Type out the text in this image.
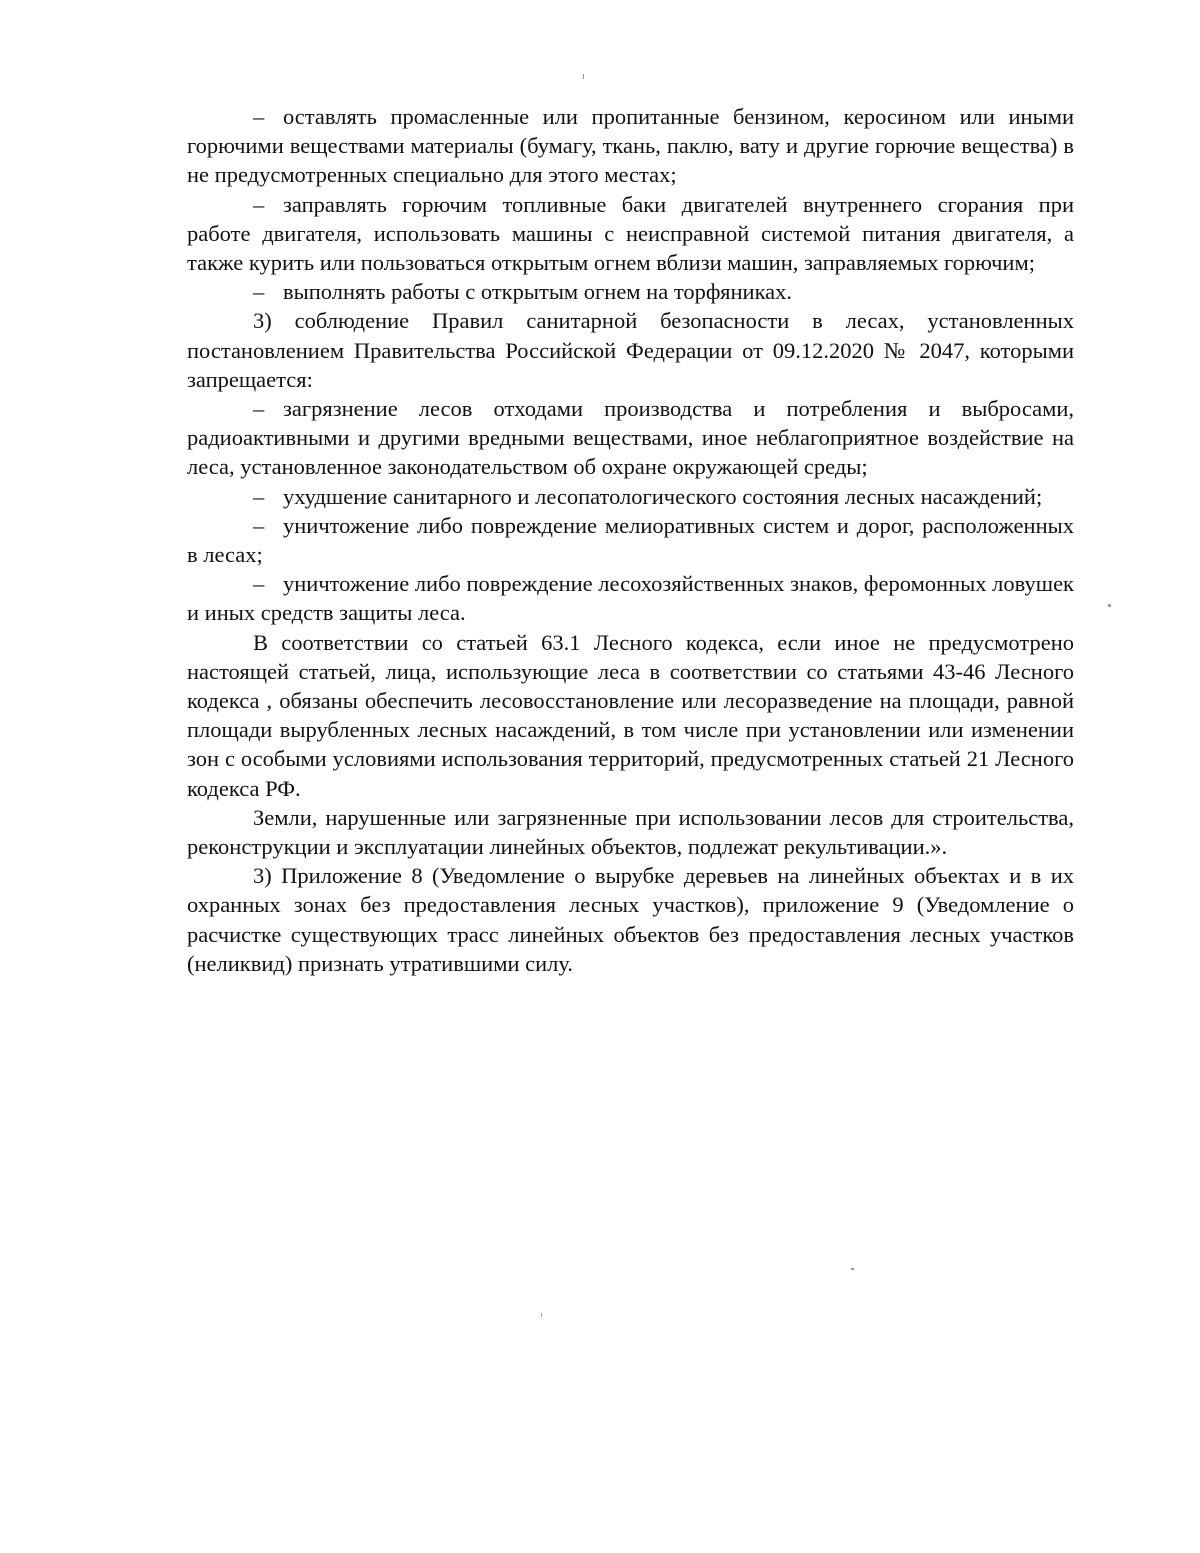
– оставлять промасленные или пропитанные бензином, керосином или иными горючими веществами материалы (бумагу, ткань, паклю, вату и другие горючие вещества) в не предусмотренных специально для этого местах;

– заправлять горючим топливные баки двигателей внутреннего сгорания при работе двигателя, использовать машины с неисправной системой питания двигателя, а также курить или пользоваться открытым огнем вблизи машин, заправляемых горючим;

– выполнять работы с открытым огнем на торфяниках.

3) соблюдение Правил санитарной безопасности в лесах, установленных постановлением Правительства Российской Федерации от 09.12.2020 № 2047, которыми запрещается:

– загрязнение лесов отходами производства и потребления и выбросами, радиоактивными и другими вредными веществами, иное неблагоприятное воздействие на леса, установленное законодательством об охране окружающей среды;

– ухудшение санитарного и лесопатологического состояния лесных насаждений;

– уничтожение либо повреждение мелиоративных систем и дорог, расположенных в лесах;

– уничтожение либо повреждение лесохозяйственных знаков, феромонных ловушек и иных средств защиты леса.

В соответствии со статьей 63.1 Лесного кодекса, если иное не предусмотрено настоящей статьей, лица, использующие леса в соответствии со статьями 43-46 Лесного кодекса , обязаны обеспечить лесовосстановление или лесоразведение на площади, равной площади вырубленных лесных насаждений, в том числе при установлении или изменении зон с особыми условиями использования территорий, предусмотренных статьей 21 Лесного кодекса РФ.

Земли, нарушенные или загрязненные при использовании лесов для строительства, реконструкции и эксплуатации линейных объектов, подлежат рекультивации.».

3) Приложение 8 (Уведомление о вырубке деревьев на линейных объектах и в их охранных зонах без предоставления лесных участков), приложение 9 (Уведомление о расчистке существующих трасс линейных объектов без предоставления лесных участков (неликвид) признать утратившими силу.
